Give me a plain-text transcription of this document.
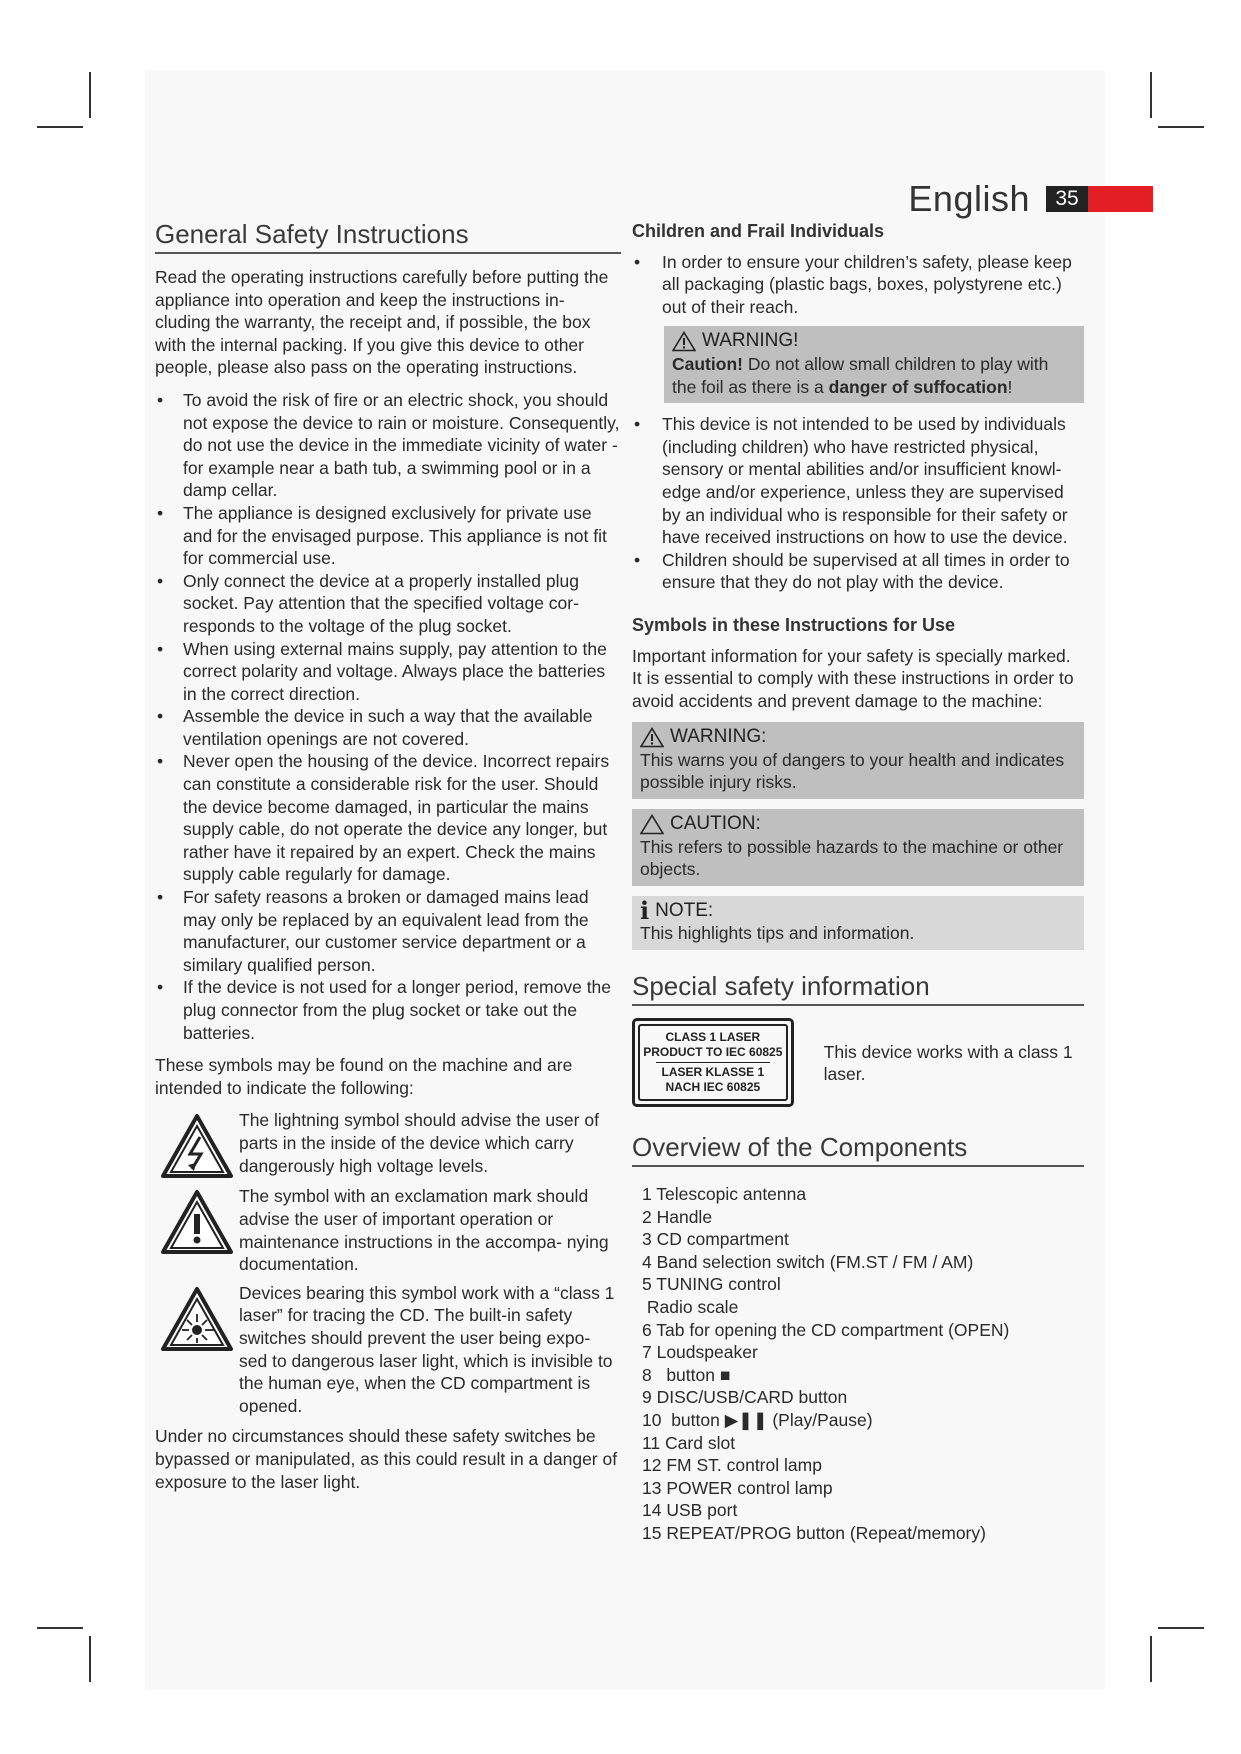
English	35
General Safety Instructions

Read the operating instructions carefully before putting the appliance into operation and keep the instructions in- cluding the warranty, the receipt and, if possible, the box with the internal packing. If you give this device to other people, please also pass on the operating instructions.

• To avoid the risk of fire or an electric shock, you should not expose the device to rain or moisture. Consequently, do not use the device in the immediate vicinity of water - for example near a bath tub, a swimming pool or in a damp cellar.
• The appliance is designed exclusively for private use and for the envisaged purpose. This appliance is not fit for commercial use.
• Only connect the device at a properly installed plug socket. Pay attention that the specified voltage cor- responds to the voltage of the plug socket.
• When using external mains supply, pay attention to the correct polarity and voltage. Always place the batteries in the correct direction.
• Assemble the device in such a way that the available ventilation openings are not covered.
• Never open the housing of the device. Incorrect repairs can constitute a considerable risk for the user. Should the device become damaged, in particular the mains supply cable, do not operate the device any longer, but rather have it repaired by an expert. Check the mains supply cable regularly for damage.
• For safety reasons a broken or damaged mains lead may only be replaced by an equivalent lead from the manufacturer, our customer service department or a similary qualified person.
• If the device is not used for a longer period, remove the plug connector from the plug socket or take out the batteries.

These symbols may be found on the machine and are intended to indicate the following:

The lightning symbol should advise the user of parts in the inside of the device which carry dangerously high voltage levels.
The symbol with an exclamation mark should advise the user of important operation or maintenance instructions in the accompa- nying documentation.
Devices bearing this symbol work with a “class 1 laser” for tracing the CD. The built-in safety switches should prevent the user being expo- sed to dangerous laser light, which is invisible to the human eye, when the CD compartment is opened.

Under no circumstances should these safety switches be bypassed or manipulated, as this could result in a danger of exposure to the laser light.

Children and Frail Individuals
• In order to ensure your children’s safety, please keep all packaging (plastic bags, boxes, polystyrene etc.) out of their reach.
WARNING!
Caution! Do not allow small children to play with the foil as there is a danger of suffocation!
• This device is not intended to be used by individuals (including children) who have restricted physical, sensory or mental abilities and/or insufficient knowl- edge and/or experience, unless they are supervised by an individual who is responsible for their safety or have received instructions on how to use the device.
• Children should be supervised at all times in order to ensure that they do not play with the device.
Symbols in these Instructions for Use

Important information for your safety is specially marked. It is essential to comply with these instructions in order to avoid accidents and prevent damage to the machine:

WARNING:
This warns you of dangers to your health and indicates possible injury risks.
CAUTION:
This refers to possible hazards to the machine or other objects.
i NOTE:
This highlights tips and information.
Special safety information
CLASS 1 LASER
PRODUCT TO IEC 60825
LASER KLASSE 1
NACH IEC 60825
This device works with a class 1 laser.
Overview of the Components
1 Telescopic antenna
2 Handle
3 CD compartment
4 Band selection switch (FM.ST / FM / AM)
5 TUNING control
Radio scale
6 Tab for opening the CD compartment (OPEN)
7 Loudspeaker
8   button ■
9 DISC/USB/CARD button
10  button ▶❚❚ (Play/Pause)
11 Card slot
12 FM ST. control lamp
13 POWER control lamp
14 USB port
15 REPEAT/PROG button (Repeat/memory)
